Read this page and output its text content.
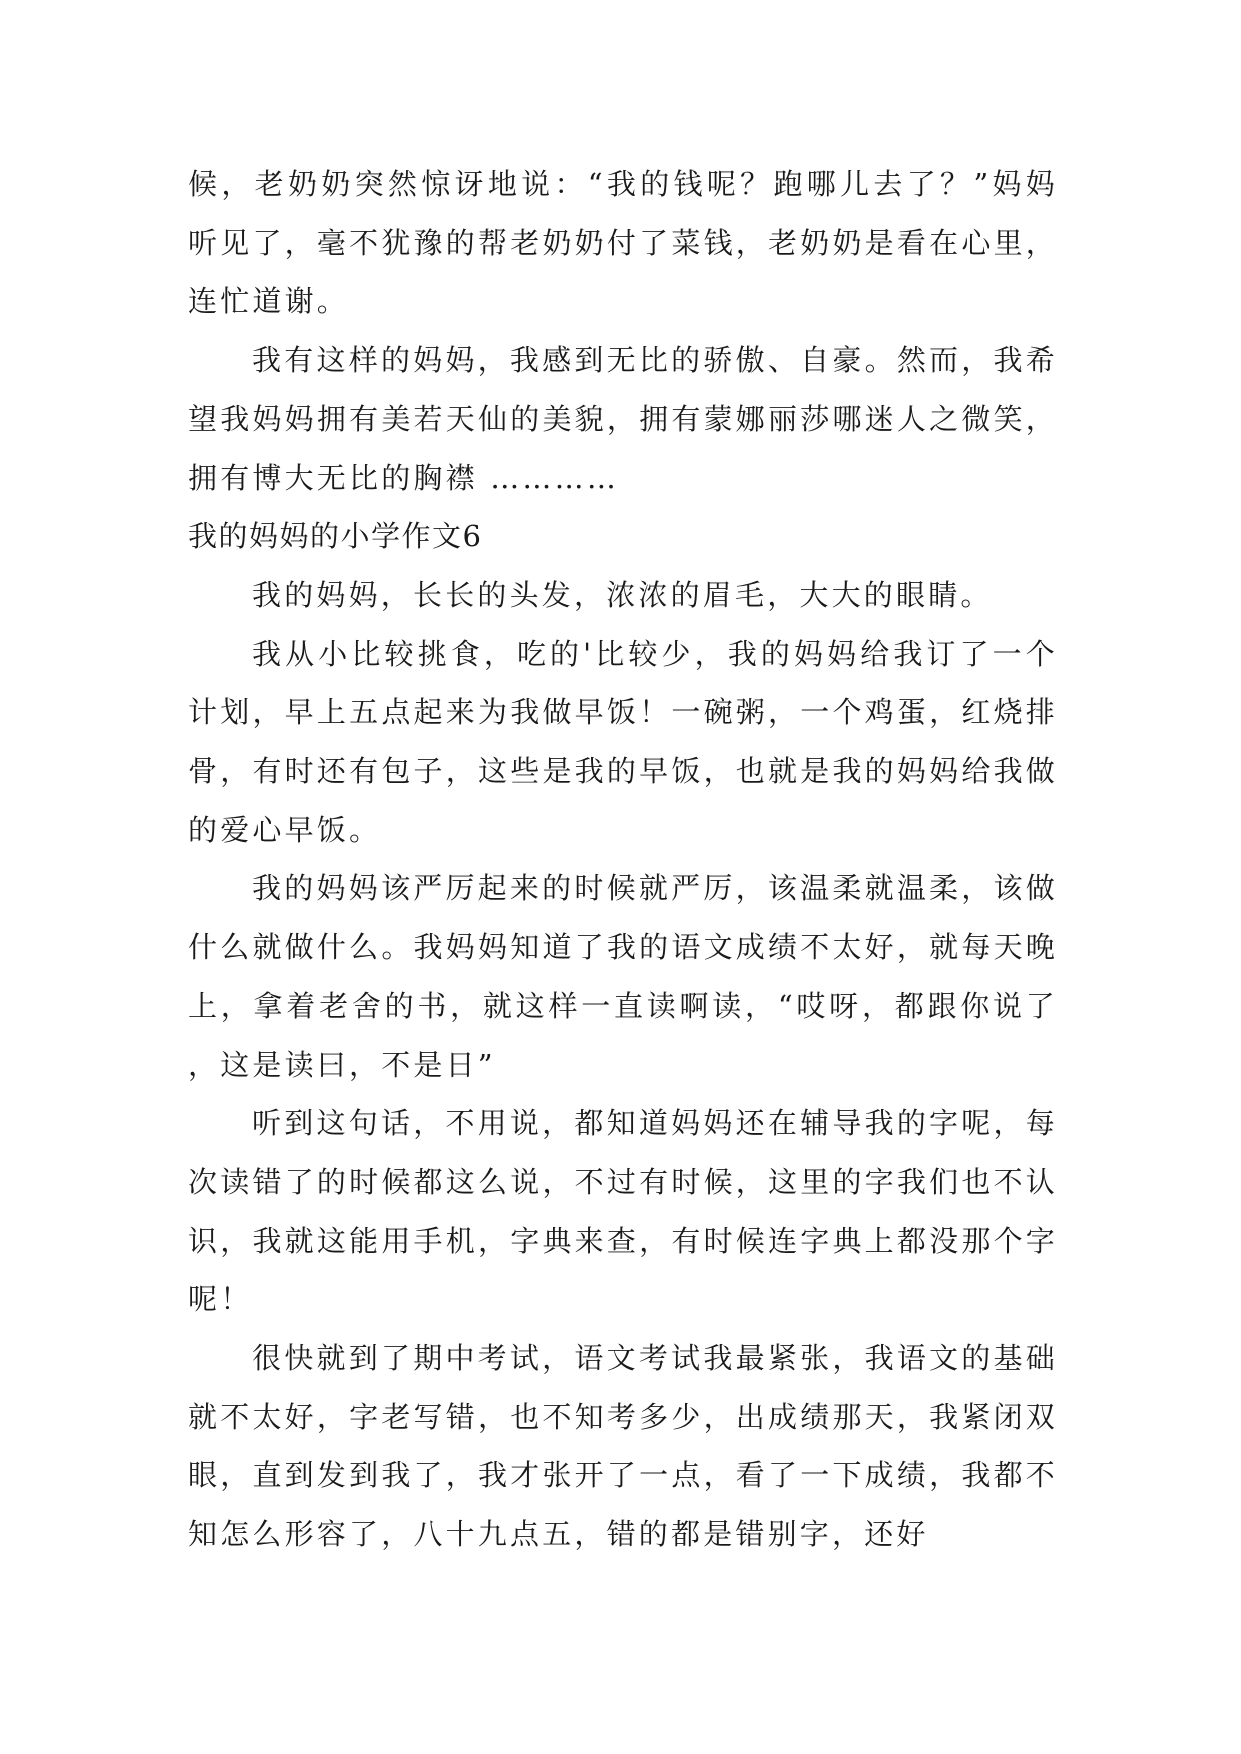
候，老奶奶突然惊讶地说：“我的钱呢？跑哪儿去了？”妈妈听见了，毫不犹豫的帮老奶奶付了菜钱，老奶奶是看在心里，连忙道谢。

我有这样的妈妈，我感到无比的骄傲、自豪。然而，我希望我妈妈拥有美若天仙的美貌，拥有蒙娜丽莎哪迷人之微笑，拥有博大无比的胸襟 …………

我的妈妈的小学作文6

我的妈妈，长长的头发，浓浓的眉毛，大大的眼睛。

我从小比较挑食，吃的'比较少，我的妈妈给我订了一个计划，早上五点起来为我做早饭！一碗粥，一个鸡蛋，红烧排骨，有时还有包子，这些是我的早饭，也就是我的妈妈给我做的爱心早饭。

我的妈妈该严厉起来的时候就严厉，该温柔就温柔，该做什么就做什么。我妈妈知道了我的语文成绩不太好，就每天晚上，拿着老舍的书，就这样一直读啊读，“哎呀，都跟你说了，这是读曰，不是日”

听到这句话，不用说，都知道妈妈还在辅导我的字呢，每次读错了的时候都这么说，不过有时候，这里的字我们也不认识，我就这能用手机，字典来查，有时候连字典上都没那个字呢！

很快就到了期中考试，语文考试我最紧张，我语文的基础就不太好，字老写错，也不知考多少，出成绩那天，我紧闭双眼，直到发到我了，我才张开了一点，看了一下成绩，我都不知怎么形容了，八十九点五，错的都是错别字，还好
